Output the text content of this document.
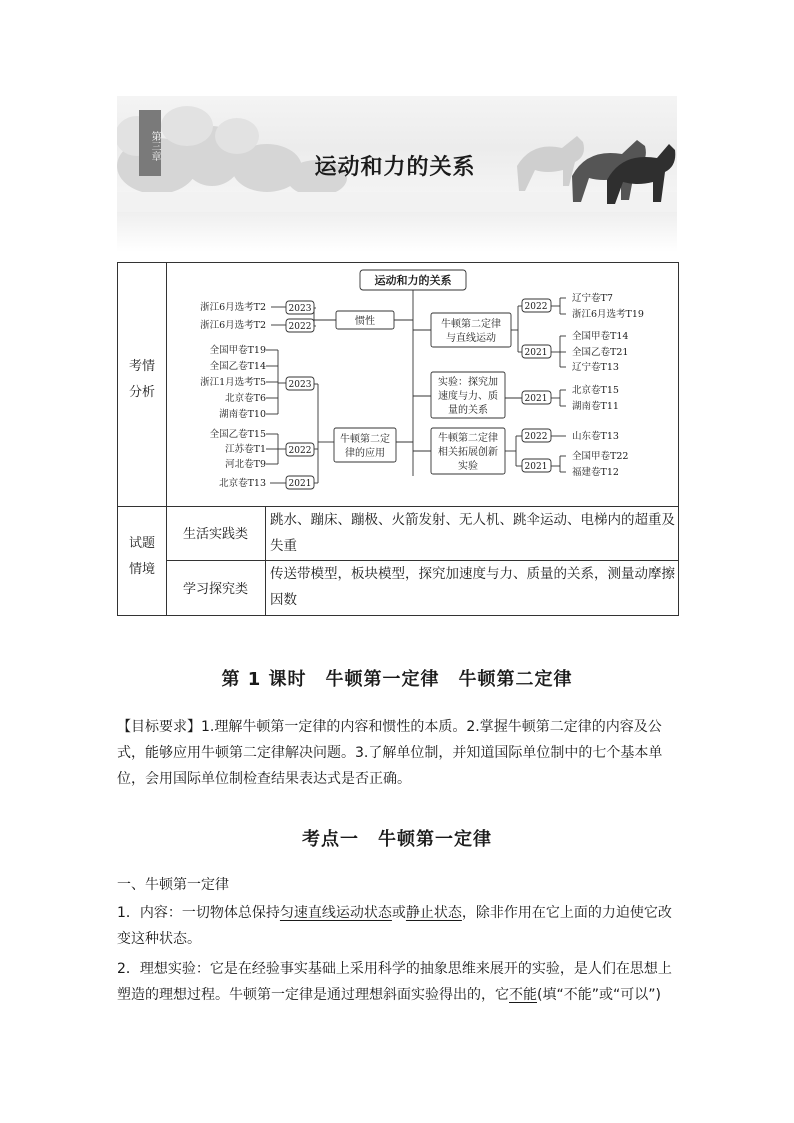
第三章
运动和力的关系
考情
分析
试题
情境
生活实践类
跳水、蹦床、蹦极、火箭发射、无人机、跳伞运动、电梯内的超重及失重
学习探究类
传送带模型，板块模型，探究加速度与力、质量的关系，测量动摩擦因数
运动和力的关系
惯性
牛顿第二定
律的应用
牛顿第二定律
与直线运动
实验：探究加
速度与力、质
量的关系
牛顿第二定律
相关拓展创新
实验
2023
2022
2023
2022
2021
2022
2021
2021
2022
2021
浙江6月选考T2
浙江6月选考T2
全国甲卷T19
全国乙卷T14
浙江1月选考T5
北京卷T6
湖南卷T10
全国乙卷T15
江苏卷T1
河北卷T9
北京卷T13
辽宁卷T7
浙江6月选考T19
全国甲卷T14
全国乙卷T21
辽宁卷T13
北京卷T15
湖南卷T11
山东卷T13
全国甲卷T22
福建卷T12
第 1 课时　牛顿第一定律　牛顿第二定律
【目标要求】1.理解牛顿第一定律的内容和惯性的本质。2.掌握牛顿第二定律的内容及公式，能够应用牛顿第二定律解决问题。3.了解单位制，并知道国际单位制中的七个基本单位，会用国际单位制检查结果表达式是否正确。
考点一　牛顿第一定律
一、牛顿第一定律
1．内容：一切物体总保持匀速直线运动状态或静止状态，除非作用在它上面的力迫使它改变这种状态。
2．理想实验：它是在经验事实基础上采用科学的抽象思维来展开的实验，是人们在思想上塑造的理想过程。牛顿第一定律是通过理想斜面实验得出的，它不能(填“不能”或“可以”)
